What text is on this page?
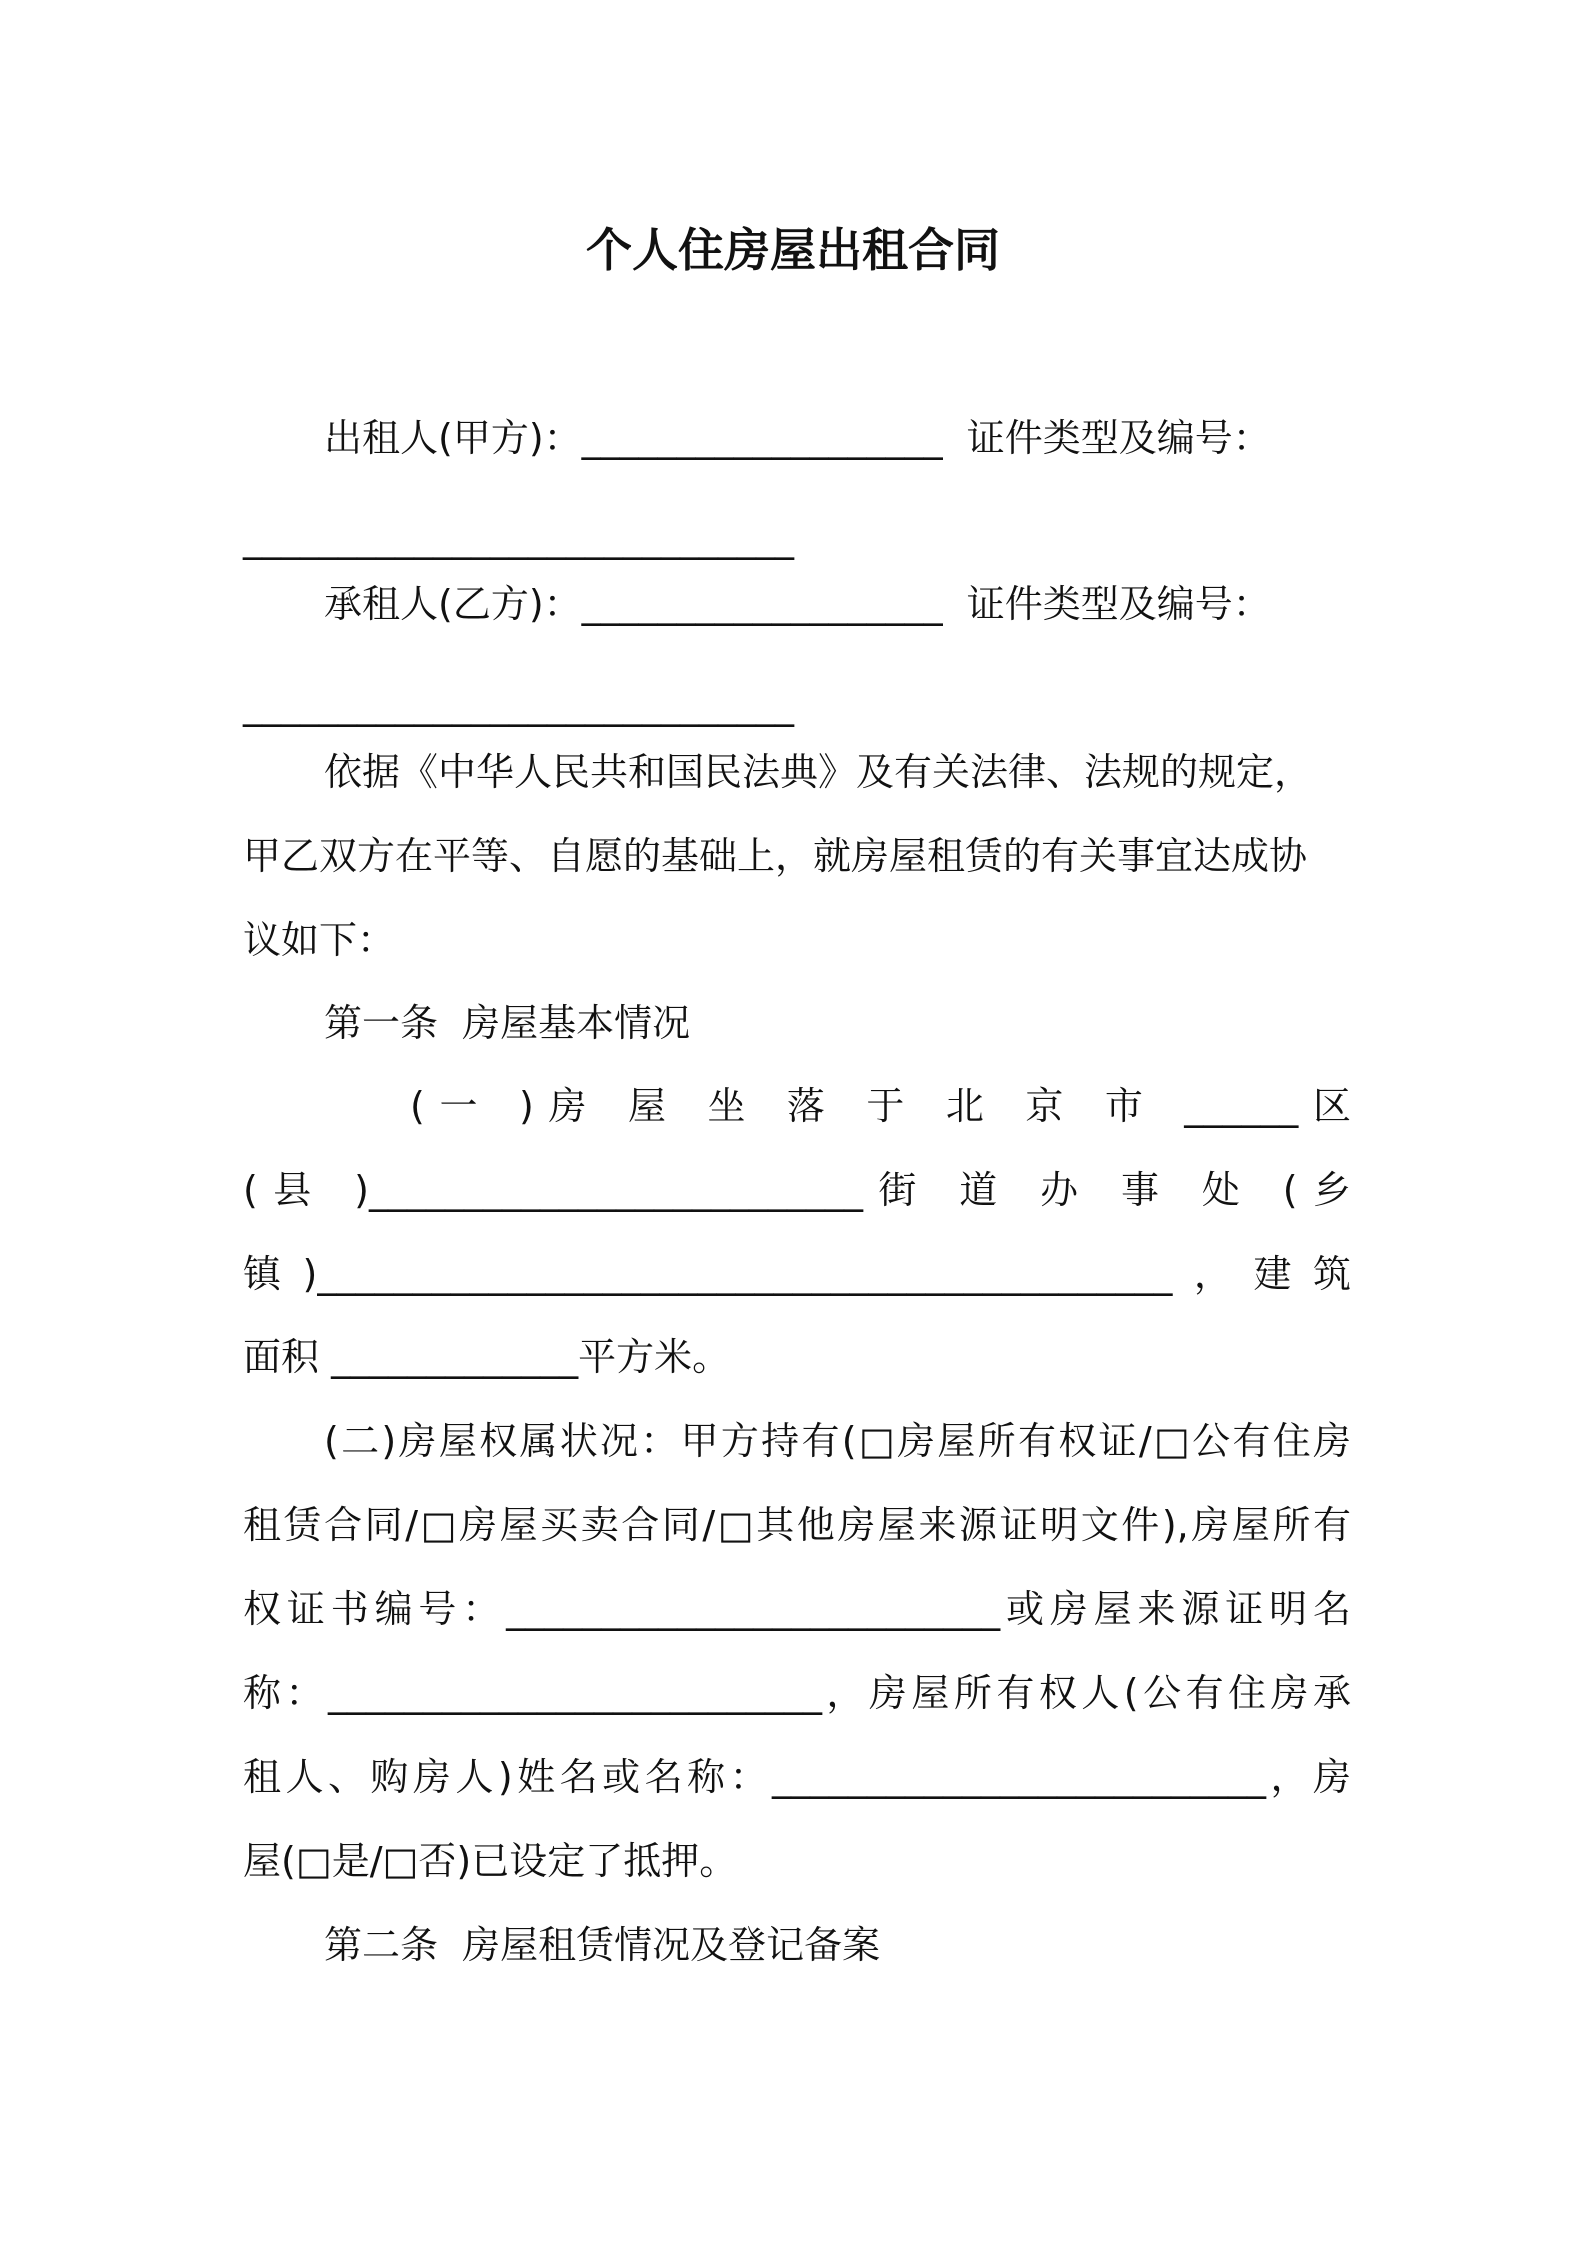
个人住房屋出租合同
出租人(甲方)：___________________  证件类型及编号：
_____________________________
承租人(乙方)：___________________  证件类型及编号：
_____________________________
依据《中华人民共和国民法典》及有关法律、法规的规定，
甲乙双方在平等、自愿的基础上，就房屋租赁的有关事宜达成协
议如下：
第一条  房屋基本情况
(一 )房 屋 坐 落 于 北 京 市 ______区
(县 )__________________________街 道 办 事 处 (乡
镇)_____________________________________________，建筑
面积 _____________平方米。
(二)房屋权属状况：甲方持有(□房屋所有权证/□公有住房
租赁合同/□房屋买卖合同/□其他房屋来源证明文件),房屋所有
权证书编号：__________________________或房屋来源证明名
称：__________________________，房屋所有权人(公有住房承
租人、购房人)姓名或名称：__________________________，房
屋(□是/□否)已设定了抵押。
第二条  房屋租赁情况及登记备案
